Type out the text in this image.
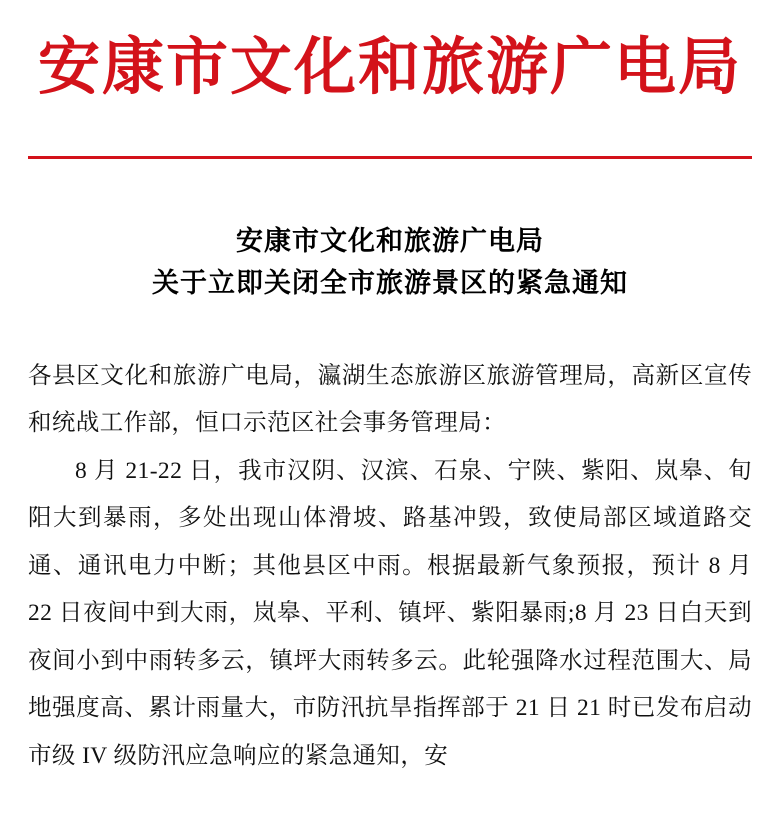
安康市文化和旅游广电局
安康市文化和旅游广电局
关于立即关闭全市旅游景区的紧急通知

各县区文化和旅游广电局，瀛湖生态旅游区旅游管理局，高新区宣传和统战工作部，恒口示范区社会事务管理局：

8 月 21-22 日，我市汉阴、汉滨、石泉、宁陕、紫阳、岚皋、旬阳大到暴雨，多处出现山体滑坡、路基冲毁，致使局部区域道路交通、通讯电力中断；其他县区中雨。根据最新气象预报，预计 8 月 22 日夜间中到大雨，岚皋、平利、镇坪、紫阳暴雨;8 月 23 日白天到夜间小到中雨转多云，镇坪大雨转多云。此轮强降水过程范围大、局地强度高、累计雨量大，市防汛抗旱指挥部于 21 日 21 时已发布启动市级 IV 级防汛应急响应的紧急通知，安
